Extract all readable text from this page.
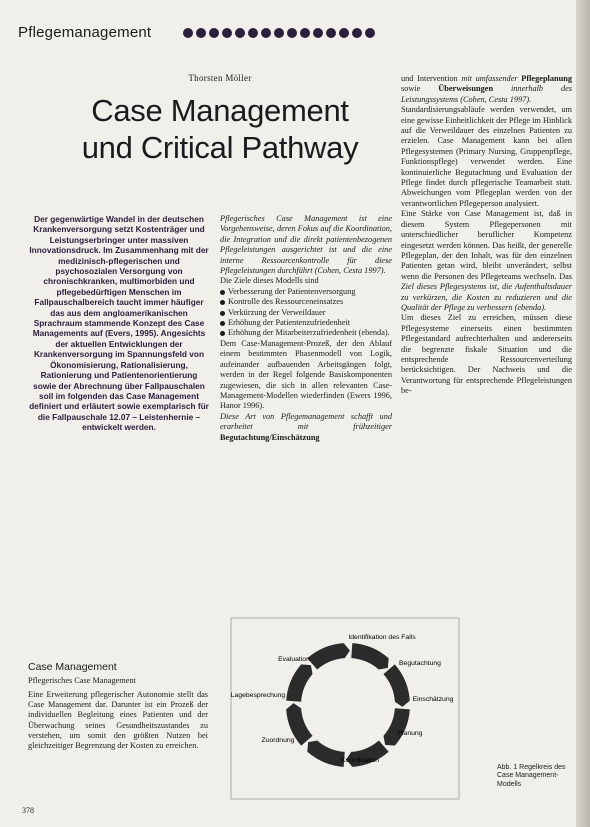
Pflegemanagement
Thorsten Möller
Case Management
und Critical Pathway
Der gegenwärtige Wandel in der deutschen Krankenversorgung setzt Kostenträger und Leistungserbringer unter massiven Innovationsdruck. Im Zusammenhang mit der medizinisch-pflegerischen und psychosozialen Versorgung von chronischkranken, multimorbiden und pflegebedürftigen Menschen im Fallpauschalbereich taucht immer häufiger das aus dem angloamerikanischen Sprachraum stammende Konzept des Case Managements auf (Evers, 1995). Angesichts der aktuellen Entwicklungen der Krankenversorgung im Spannungsfeld von Ökonomisierung, Rationalisierung, Rationierung und Patientenorientierung sowie der Abrechnung über Fallpauschalen soll im folgenden das Case Management definiert und erläutert sowie exemplarisch für die Fallpauschale 12.07 – Leistenhernie – entwickelt werden.

Pflegerisches Case Management ist eine Vorgehensweise, deren Fokus auf die Koordination, die Integration und die direkt patientenbezogenen Pflegeleistungen ausgerichtet ist und die eine interne Ressourcenkontrolle für diese Pflegeleistungen durchführt (Cohen, Cesta 1997).

Die Ziele dieses Modells sind

Verbesserung der Patientenversorgung
Kontrolle des Ressourceneinsatzes
Verkürzung der Verweildauer
Erhöhung der Patientenzufriedenheit
Erhöhung der Mitarbeiterzufriedenheit (ebenda).

Dem Case-Management-Prozeß, der den Ablauf einem bestimmten Phasenmodell von Logik, aufeinander aufbauenden Arbeitsgängen folgt, werden in der Regel folgende Basiskomponenten zugewiesen, die sich in allen relevanten Case-Management-Modellen wiederfinden (Ewers 1996, Hanor 1996).

Diese Art von Pflegemanagement schafft und erarbeitet mit frühzeitiger Begutachtung/Einschätzung

und Intervention mit umfassender Pflegeplanung sowie Überweisungen innerhalb des Leistungssystems (Cohen, Cesta 1997).

Standardisierungsabläufe werden verwendet, um eine gewisse Einheitlichkeit der Pflege im Hinblick auf die Verweildauer des einzelnen Patienten zu erzielen. Case Management kann bei allen Pflegesystemen (Primary Nursing, Gruppenpflege, Funktionspflege) verwendet werden. Eine kontinuierliche Begutachtung und Evaluation der Pflege findet durch pflegerische Teamarbeit statt. Abweichungen vom Pflegeplan werden von der verantwortlichen Pflegeperson analysiert.

Eine Stärke von Case Management ist, daß in diesem System Pflegepersonen mit unterschiedlicher beruflicher Kompetenz eingesetzt werden können. Das heißt, der generelle Pflegeplan, der den Inhalt, was für den einzelnen Patienten getan wird, bleibt unverändert, selbst wenn die Personen des Pflegeteams wechseln. Das Ziel dieses Pflegesystems ist, die Aufenthaltsdauer zu verkürzen, die Kosten zu reduzieren und die Qualität der Pflege zu verbessern (ebenda).

Um dieses Ziel zu erreichen, müssen diese Pflegesysteme einerseits einen bestimmten Pflegestandard aufrechterhalten und andererseits die begrenzte fiskale Situation und die entsprechende Ressourcenverteilung berücksichtigen. Der Nachweis und die Verantwortung für entsprechende Pflegeleistungen be-

Case Management
Pflegerisches Case Management
Eine Erweiterung pflegerischer Autonomie stellt das Case Management dar. Darunter ist ein Prozeß der individuellen Begleitung eines Patienten und der Überwachung seines Gesundheitszustandes zu verstehen, um somit den größten Nutzen bei gleichzeitiger Begrenzung der Kosten zu erreichen.
Identifikation des Falls
Begutachtung
Einschätzung
Planung
Koordination
Zuordnung
Lagebesprechung
Evaluation
Abb. 1 Regelkreis des Case Management-Modells
378
